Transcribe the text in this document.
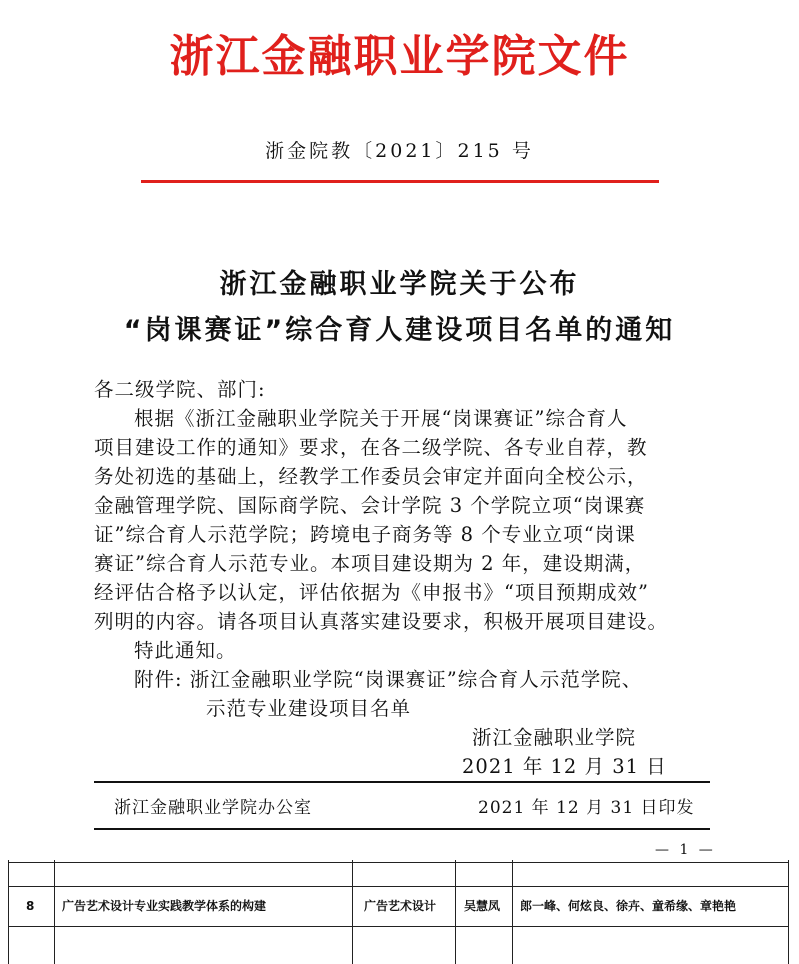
浙江金融职业学院文件
浙金院教〔2021〕215 号
浙江金融职业学院关于公布
“岗课赛证”综合育人建设项目名单的通知
各二级学院、部门:
根据《浙江金融职业学院关于开展“岗课赛证”综合育人
项目建设工作的通知》要求，在各二级学院、各专业自荐，教
务处初选的基础上，经教学工作委员会审定并面向全校公示，
金融管理学院、国际商学院、会计学院 3 个学院立项“岗课赛
证”综合育人示范学院；跨境电子商务等 8 个专业立项“岗课
赛证”综合育人示范专业。本项目建设期为 2 年，建设期满，
经评估合格予以认定，评估依据为《申报书》“项目预期成效”
列明的内容。请各项目认真落实建设要求，积极开展项目建设。
特此通知。
附件: 浙江金融职业学院“岗课赛证”综合育人示范学院、
示范专业建设项目名单
浙江金融职业学院
2021 年 12 月 31 日
浙江金融职业学院办公室	2021 年 12 月 31 日印发
— 1 —
8 广告艺术设计专业实践教学体系的构建	广告艺术设计 吴慧凤 郎一峰、何炫良、徐卉、童希缘、章艳艳
